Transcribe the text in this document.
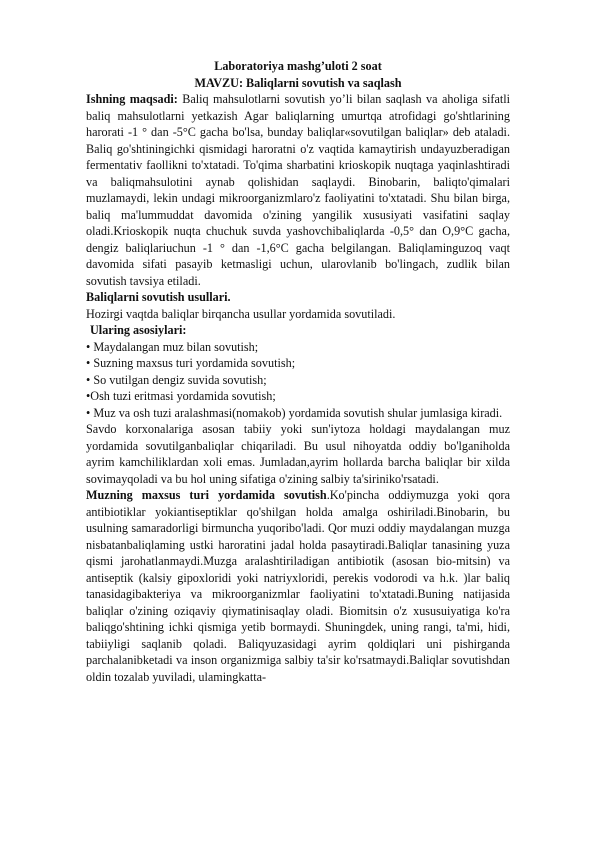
Laboratoriya mashg’uloti 2 soat
MAVZU: Baliqlarni sovutish va saqlash

Ishning maqsadi: Baliq mahsulotlarni sovutish yo’li bilan saqlash va aholiga sifatli baliq mahsulotlarni yetkazish Agar baliqlarning umurtqa atrofidagi go'shtlarining harorati -1 ° dan -5°C gacha bo'lsa, bunday baliqlar«sovutilgan baliqlar» deb ataladi. Baliq go'shtiningichki qismidagi haroratni o'z vaqtida kamaytirish undayuzberadigan fermentativ faollikni to'xtatadi. To'qima sharbatini krioskopik nuqtaga yaqinlashtiradi va baliqmahsulotini aynab qolishidan saqlaydi. Binobarin, baliqto'qimalari muzlamaydi, lekin undagi mikroorganizmlaro'z faoliyatini to'xtatadi. Shu bilan birga, baliq ma'lummuddat davomida o'zining yangilik xususiyati vasifatini saqlay oladi.Krioskopik nuqta chuchuk suvda yashovchibaliqlarda -0,5° dan O,9°C gacha, dengiz baliqlariuchun -1 ° dan -1,6°C gacha belgilangan. Baliqlaminguzoq vaqt davomida sifati pasayib ketmasligi uchun, ularovlanib bo'lingach, zudlik bilan sovutish tavsiya etiladi.

Baliqlarni sovutish usullari.

Hozirgi vaqtda baliqlar birqancha usullar yordamida sovutiladi.

Ularing asosiylari:

• Maydalangan muz bilan sovutish;

• Suzning maxsus turi yordamida sovutish;

• So vutilgan dengiz suvida sovutish;

•Osh tuzi eritmasi yordamida sovutish;

• Muz va osh tuzi aralashmasi(nomakob) yordamida sovutish shular jumlasiga kiradi.

Savdo korxonalariga asosan tabiiy yoki sun'iytoza holdagi maydalangan muz yordamida sovutilganbaliqlar chiqariladi. Bu usul nihoyatda oddiy bo'lganiholda ayrim kamchiliklardan xoli emas. Jumladan,ayrim hollarda barcha baliqlar bir xilda sovimayqoladi va bu hol uning sifatiga o'zining salbiy ta'siriniko'rsatadi.

Muzning maxsus turi yordamida sovutish.Ko'pincha oddiymuzga yoki qora antibiotiklar yokiantiseptiklar qo'shilgan holda amalga oshiriladi.Binobarin, bu usulning samaradorligi birmuncha yuqoribo'ladi. Qor muzi oddiy maydalangan muzga nisbatanbaliqlaming ustki haroratini jadal holda pasaytiradi.Baliqlar tanasining yuza qismi jarohatlanmaydi.Muzga aralashtiriladigan antibiotik (asosan bio-mitsin) va antiseptik (kalsiy gipoxloridi yoki natriyxloridi, perekis vodorodi va h.k. )lar baliq tanasidagibakteriya va mikroorganizmlar faoliyatini to'xtatadi.Buning natijasida baliqlar o'zining oziqaviy qiymatinisaqlay oladi. Biomitsin o'z xususuiyatiga ko'ra baliqgo'shtining ichki qismiga yetib bormaydi. Shuningdek, uning rangi, ta'mi, hidi, tabiiyligi saqlanib qoladi. Baliqyuzasidagi ayrim qoldiqlari uni pishirganda parchalanibketadi va inson organizmiga salbiy ta'sir ko'rsatmaydi.Baliqlar sovutishdan oldin tozalab yuviladi, ulamingkatta-
